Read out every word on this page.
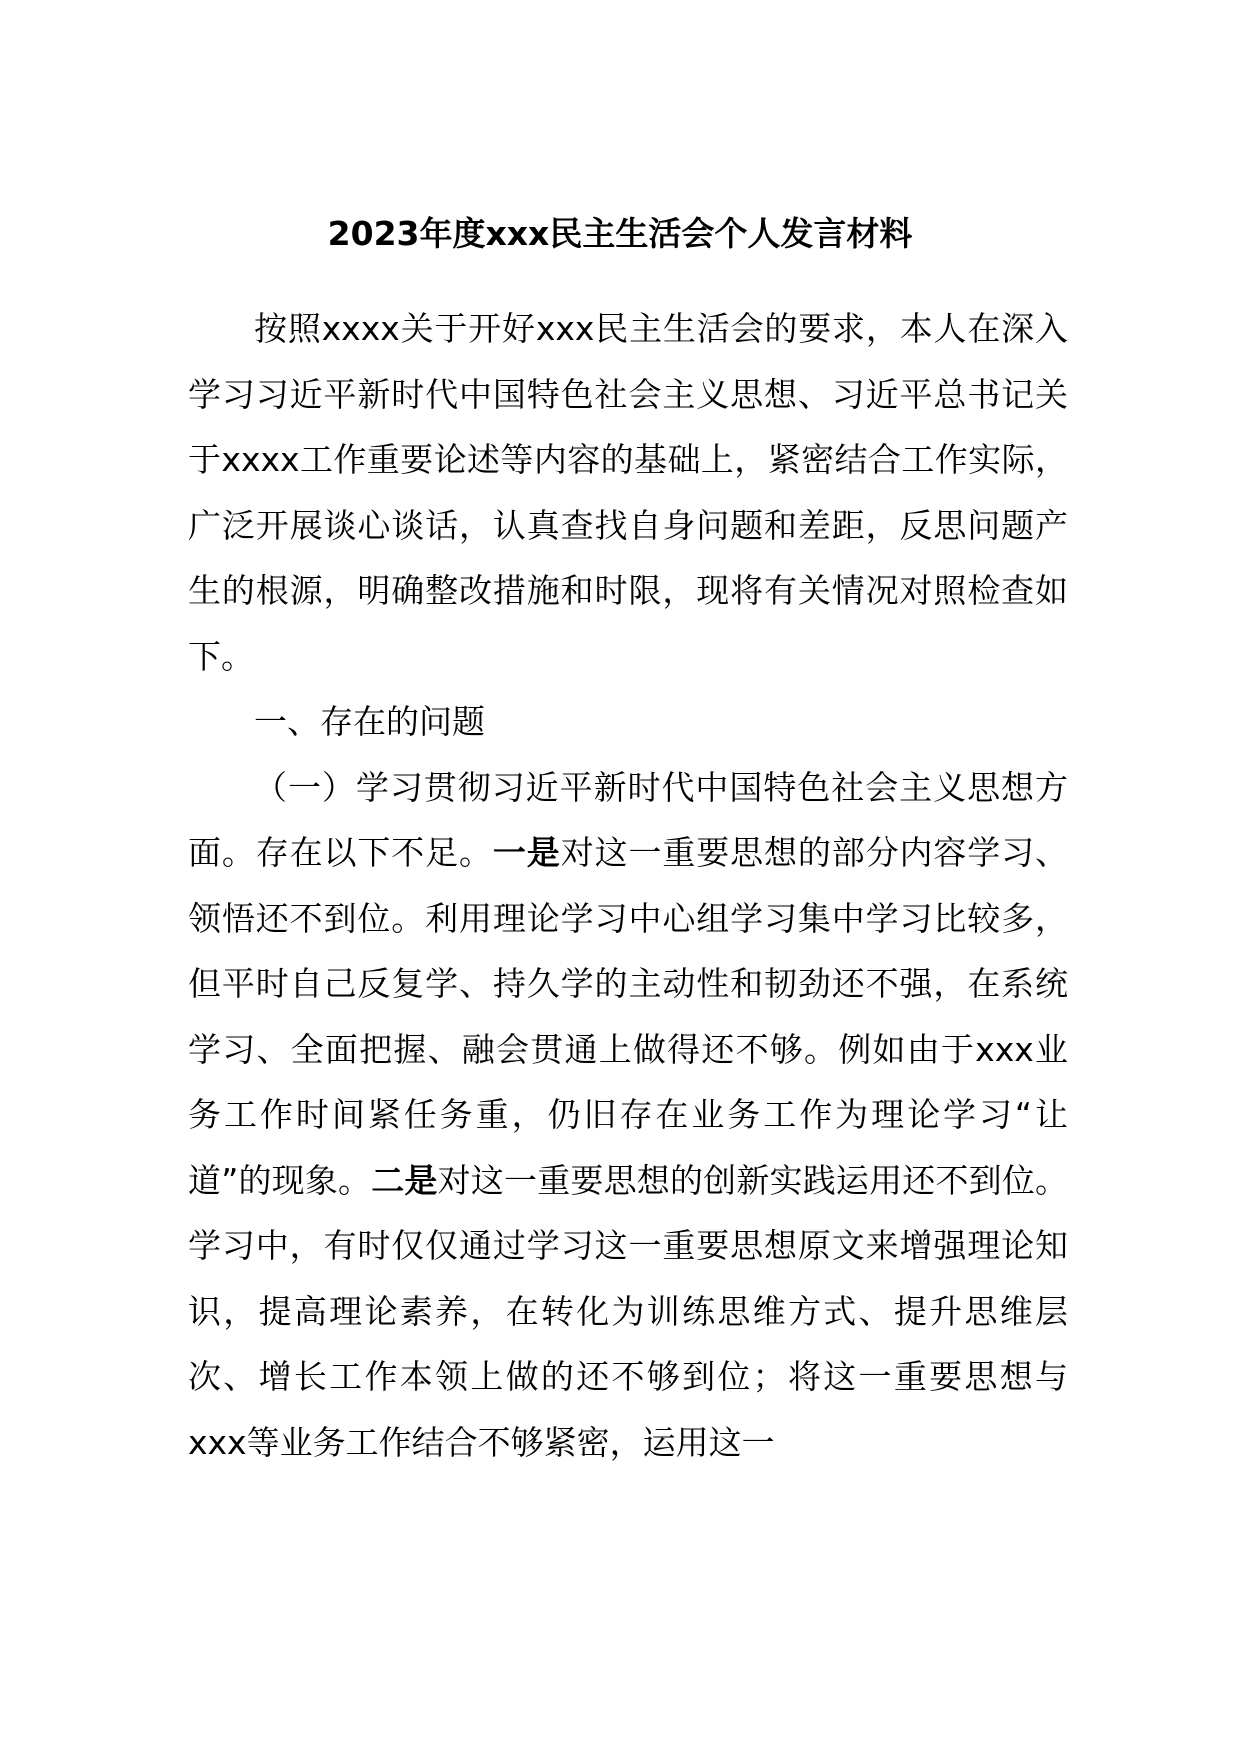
2023年度xxx民主生活会个人发言材料

按照xxxx关于开好xxx民主生活会的要求，本人在深入学习习近平新时代中国特色社会主义思想、习近平总书记关于xxxx工作重要论述等内容的基础上，紧密结合工作实际，广泛开展谈心谈话，认真查找自身问题和差距，反思问题产生的根源，明确整改措施和时限，现将有关情况对照检查如下。

一、存在的问题

（一）学习贯彻习近平新时代中国特色社会主义思想方面。存在以下不足。一是对这一重要思想的部分内容学习、领悟还不到位。利用理论学习中心组学习集中学习比较多，但平时自己反复学、持久学的主动性和韧劲还不强，在系统学习、全面把握、融会贯通上做得还不够。例如由于xxx业务工作时间紧任务重，仍旧存在业务工作为理论学习“让道”的现象。二是对这一重要思想的创新实践运用还不到位。学习中，有时仅仅通过学习这一重要思想原文来增强理论知识，提高理论素养，在转化为训练思维方式、提升思维层次、增长工作本领上做的还不够到位；将这一重要思想与xxx等业务工作结合不够紧密，运用这一
